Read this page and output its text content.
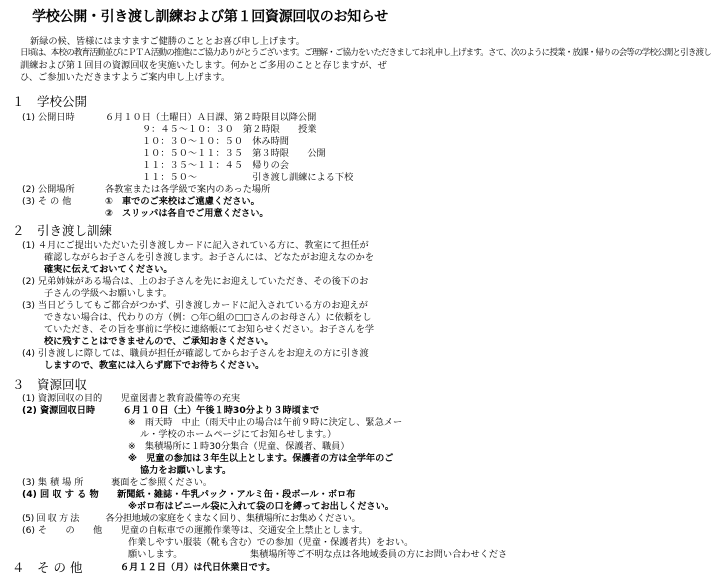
学校公開・引き渡し訓練および第１回資源回収のお知らせ
新緑の候、皆様にはますますご健勝のこととお喜び申し上げます。
日頃は、本校の教育活動並びにＰＴＡ活動の推進にご協力ありがとうございます。ご理解・ご協力をいただきましてお礼申し上げます。さて、次のように授業・放課・帰りの会等の学校公開と引き渡し
訓練および第１回目の資源回収を実施いたします。何かとご多用のことと存じますが、ぜ
ひ、ご参加いただきますようご案内申し上げます。
１　学校公開
(1) 公開日時	６月１０日（土曜日）Ａ日課、第２時限目以降公開
９：４５～１０：３０　第２時限　　授業
１０：３０～１０：５０　休み時間
１０：５０～１１：３５　第３時限　　公開
１１：３５～１１：４５　帰りの会
１１：５０～　　　　　　引き渡し訓練による下校
(2) 公開場所	各教室または各学級で案内のあった場所
(3) そ の 他	①　車でのご来校はご遠慮ください。
②　スリッパは各自でご用意ください。
２　引き渡し訓練
(1) ４月にご提出いただいた引き渡しカードに記入されている方に、教室にて担任が
確認しながらお子さんを引き渡します。お子さんには、どなたがお迎えなのかを
確実に伝えておいてください。
(2) 兄弟姉妹がある場合は、上のお子さんを先にお迎えしていただき、その後下のお
子さんの学級へお願いします。
(3) 当日どうしてもご都合がつかず、引き渡しカードに記入されている方のお迎えが
できない場合は、代わりの方（例：○年○組の□□さんのお母さん）に依頼をし
ていただき、その旨を事前に学校に連絡帳にてお知らせください。お子さんを学
校に残すことはできませんので、ご承知おきください。
(4) 引き渡しに際しては、職員が担任が確認してからお子さんをお迎えの方に引き渡
しますので、教室には入らず廊下でお待ちください。
３　資源回収
(1) 資源回収の目的　　児童図書と教育設備等の充実
(2) 資源回収日時　　　６月１０日（土）午後１時30分より３時頃まで
※　雨天時　中止（雨天中止の場合は午前９時に決定し、緊急メー
ル・学校のホームページにてお知らせします。）
※　集積場所に１時30分集合（児童、保護者、職員）
※　児童の参加は３年生以上とします。保護者の方は全学年のご
協力をお願いします。
(3) 集 積 場 所　　　裏面をご参照ください。
(4) 回 収 す る 物　　新聞紙・雑誌・牛乳パック・アルミ缶・段ボール・ボロ布
※ボロ布はビニール袋に入れて袋の口を縛ってお出しください。
(5) 回 収 方 法　　　各分担地域の家庭をくまなく回り、集積場所にお集めください。
(6) そ　　の　　他　　児童の自転車での運搬作業等は、交通安全上禁止とします。
作業しやすい服装（靴も含む）での参加（児童・保護者共）をお
願いします。	集積場所等ご不明な点は各地域委員の方にお問い合わせくださ
い。
４　そ の 他	６月１２日（月）は代日休業日です。
